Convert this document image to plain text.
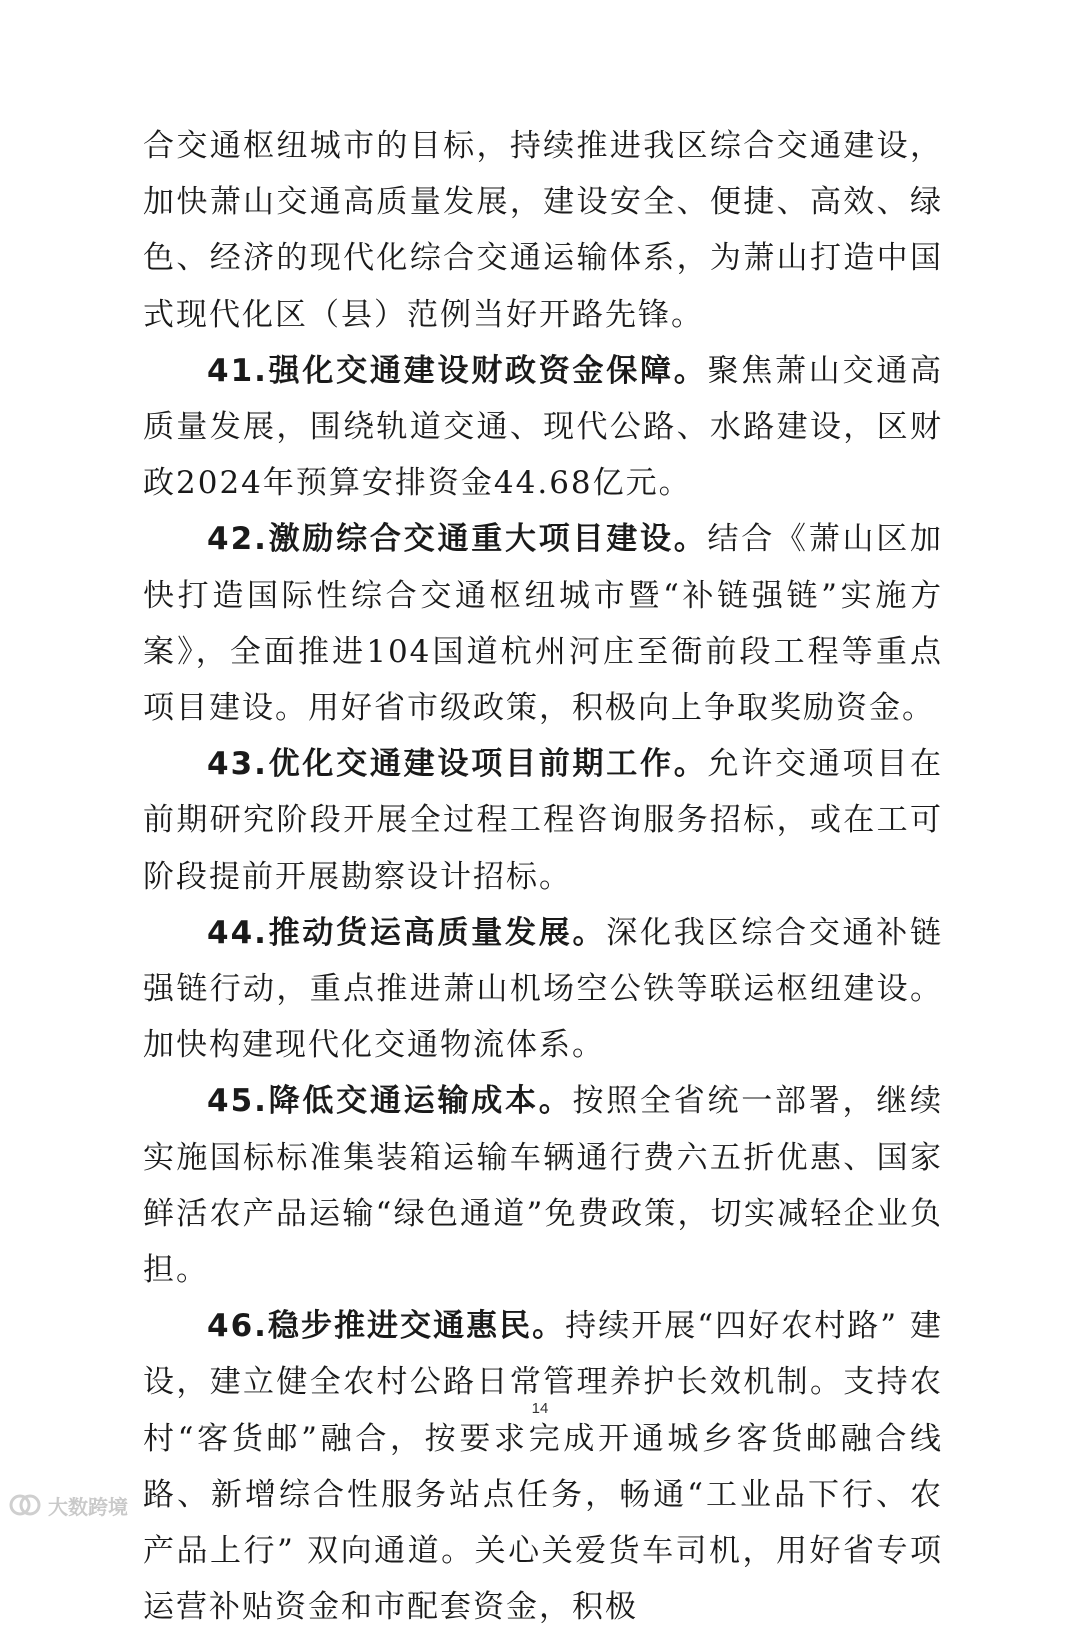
合交通枢纽城市的目标，持续推进我区综合交通建设，加快萧山交通高质量发展，建设安全、便捷、高效、绿色、经济的现代化综合交通运输体系，为萧山打造中国式现代化区（县）范例当好开路先锋。

41.强化交通建设财政资金保障。聚焦萧山交通高质量发展，围绕轨道交通、现代公路、水路建设，区财政2024年预算安排资金44.68亿元。

42.激励综合交通重大项目建设。结合《萧山区加快打造国际性综合交通枢纽城市暨“补链强链”实施方案》，全面推进104国道杭州河庄至衙前段工程等重点项目建设。用好省市级政策，积极向上争取奖励资金。

43.优化交通建设项目前期工作。允许交通项目在前期研究阶段开展全过程工程咨询服务招标，或在工可阶段提前开展勘察设计招标。

44.推动货运高质量发展。深化我区综合交通补链强链行动，重点推进萧山机场空公铁等联运枢纽建设。加快构建现代化交通物流体系。

45.降低交通运输成本。按照全省统一部署，继续实施国标标准集装箱运输车辆通行费六五折优惠、国家鲜活农产品运输“绿色通道”免费政策，切实减轻企业负担。

46.稳步推进交通惠民。持续开展“四好农村路” 建设，建立健全农村公路日常管理养护长效机制。支持农村“客货邮”融合，按要求完成开通城乡客货邮融合线路、新增综合性服务站点任务，畅通“工业品下行、农产品上行” 双向通道。关心关爱货车司机，用好省专项运营补贴资金和市配套资金，积极

14
大数跨境
